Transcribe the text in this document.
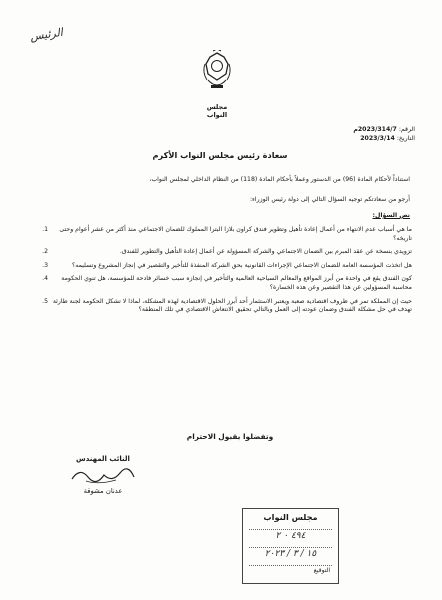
الرئيس
مجلس النواب
الرقم: 2023/314/7م
التاريخ: 2023/3/14
سعادة رئيس مجلس النواب الأكرم
استناداً لأحكام المادة (96) من الدستور وعملاً بأحكام المادة (118) من النظام الداخلي لمجلس النواب،
أرجو من سعادتكم توجيه السؤال التالي إلى دولة رئيس الوزراء:
نص السؤال:
1.	ما هي أسباب عدم الانتهاء من أعمال إعادة تأهيل وتطوير فندق كراون بلازا البترا المملوك للضمان الاجتماعي منذ أكثر من عشر أعوام وحتى تاريخه؟
2.	تزويدي بنسخة عن عقد المبرم بين الضمان الاجتماعي والشركة المسؤولة عن أعمال إعادة التأهيل والتطوير للفندق.
3.	هل اتخذت المؤسسة العامة للضمان الاجتماعي الإجراءات القانونية بحق الشركة المنفذة للتأخير والتقصير في إنجاز المشروع وتسليمه؟
4.	كون الفندق يقع في واحدة من أبرز المواقع والمعالم السياحية العالمية والتأخير في إنجازه سبب خسائر فادحة للمؤسسة، هل تنوي الحكومة محاسبة المسؤولين عن هذا التقصير وعن هذه الخسارة؟
5. حيث إن المملكة تمر في ظروف اقتصادية صعبة ويعتبر الاستثمار أحد أبرز الحلول الاقتصادية لهذه المشكلة، لماذا لا تشكل الحكومة لجنة طارئة تهدف في حل مشكلة الفندق وضمان عودته إلى العمل وبالتالي تحقيق الانتعاش الاقتصادي في تلك المنطقة؟
وتفضلوا بقبول الاحترام
النائب المهندس
عدنان مشوقة
مجلس النواب
٤٩٤ ٠ ٢
١٥ / ٣ / ٢٠٢٣
التوقيع
